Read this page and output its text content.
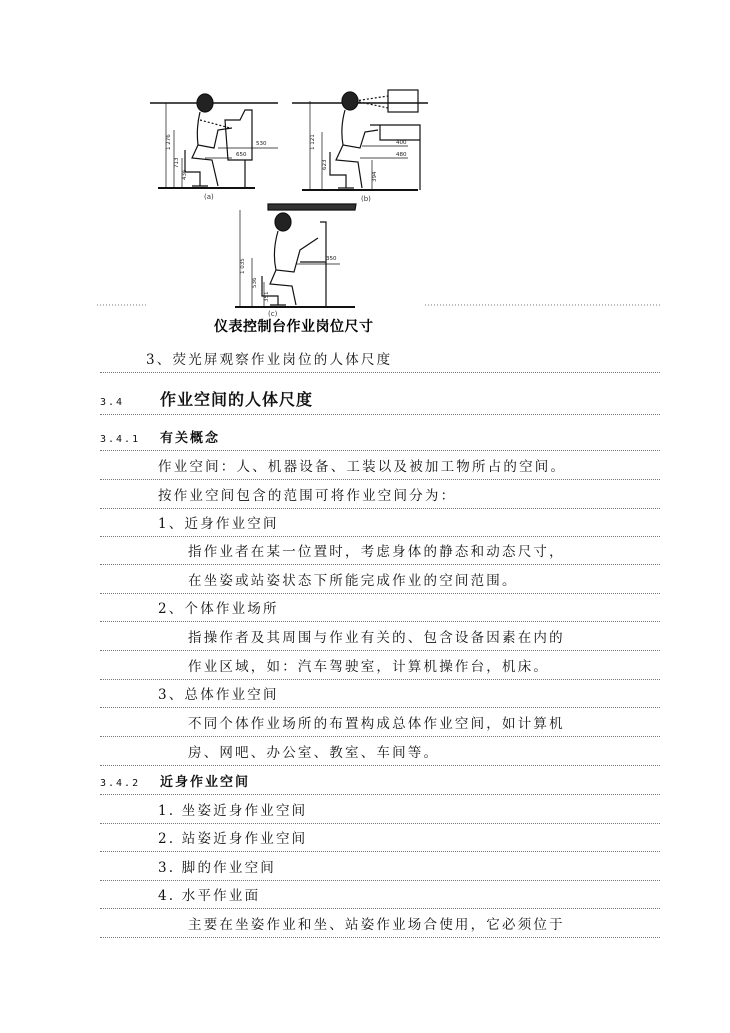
1 276
713
436
530
650
1 121
623
394
400
480
1 035
536
351
350
(a)	(b)
(c)
仪表控制台作业岗位尺寸
3、荧光屏观察作业岗位的人体尺度
3.4 作业空间的人体尺度
3.4.1 有关概念
作业空间：人、机器设备、工装以及被加工物所占的空间。
按作业空间包含的范围可将作业空间分为：
1、近身作业空间
指作业者在某一位置时，考虑身体的静态和动态尺寸，
在坐姿或站姿状态下所能完成作业的空间范围。
2、个体作业场所
指操作者及其周围与作业有关的、包含设备因素在内的
作业区域，如：汽车驾驶室，计算机操作台，机床。
3、总体作业空间
不同个体作业场所的布置构成总体作业空间，如计算机
房、网吧、办公室、教室、车间等。
3.4.2 近身作业空间
1. 坐姿近身作业空间
2. 站姿近身作业空间
3. 脚的作业空间
4. 水平作业面
主要在坐姿作业和坐、站姿作业场合使用，它必须位于
